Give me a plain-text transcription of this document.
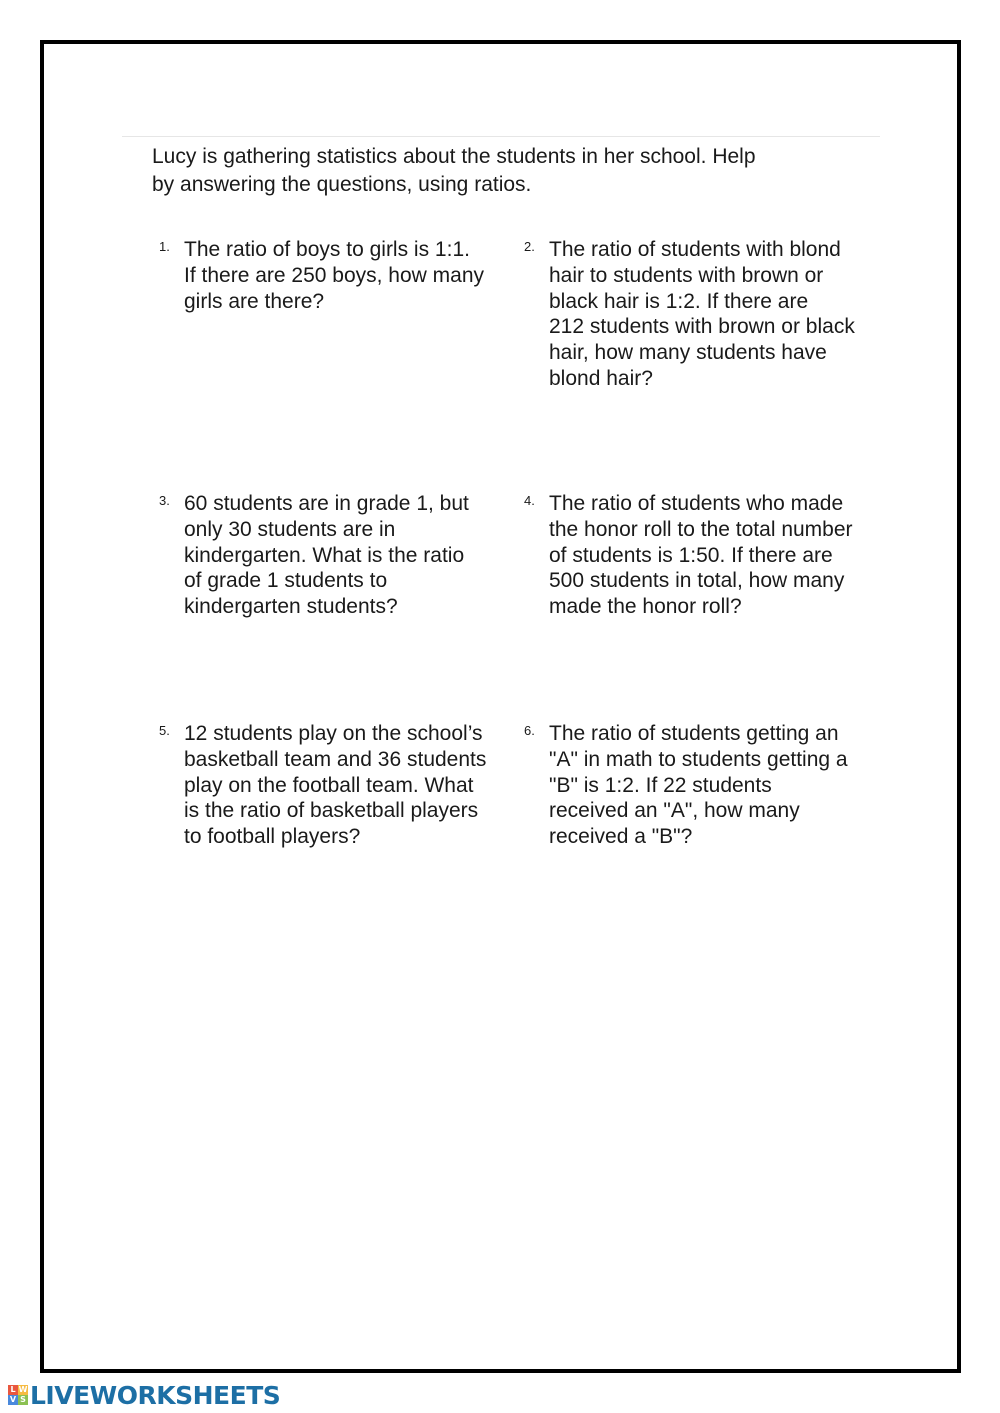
Lucy is gathering statistics about the students in her school. Help
by answering the questions, using ratios.
1. The ratio of boys to girls is 1:1.
If there are 250 boys, how many
girls are there?
2. The ratio of students with blond
hair to students with brown or
black hair is 1:2. If there are
212 students with brown or black
hair, how many students have
blond hair?
3. 60 students are in grade 1, but
only 30 students are in
kindergarten. What is the ratio
of grade 1 students to
kindergarten students?
4. The ratio of students who made
the honor roll to the total number
of students is 1:50. If there are
500 students in total, how many
made the honor roll?
5. 12 students play on the school’s
basketball team and 36 students
play on the football team. What
is the ratio of basketball players
to football players?
6. The ratio of students getting an
"A" in math to students getting a
"B" is 1:2. If 22 students
received an "A", how many
received a "B"?
L W
V S LIVEWORKSHEETS
